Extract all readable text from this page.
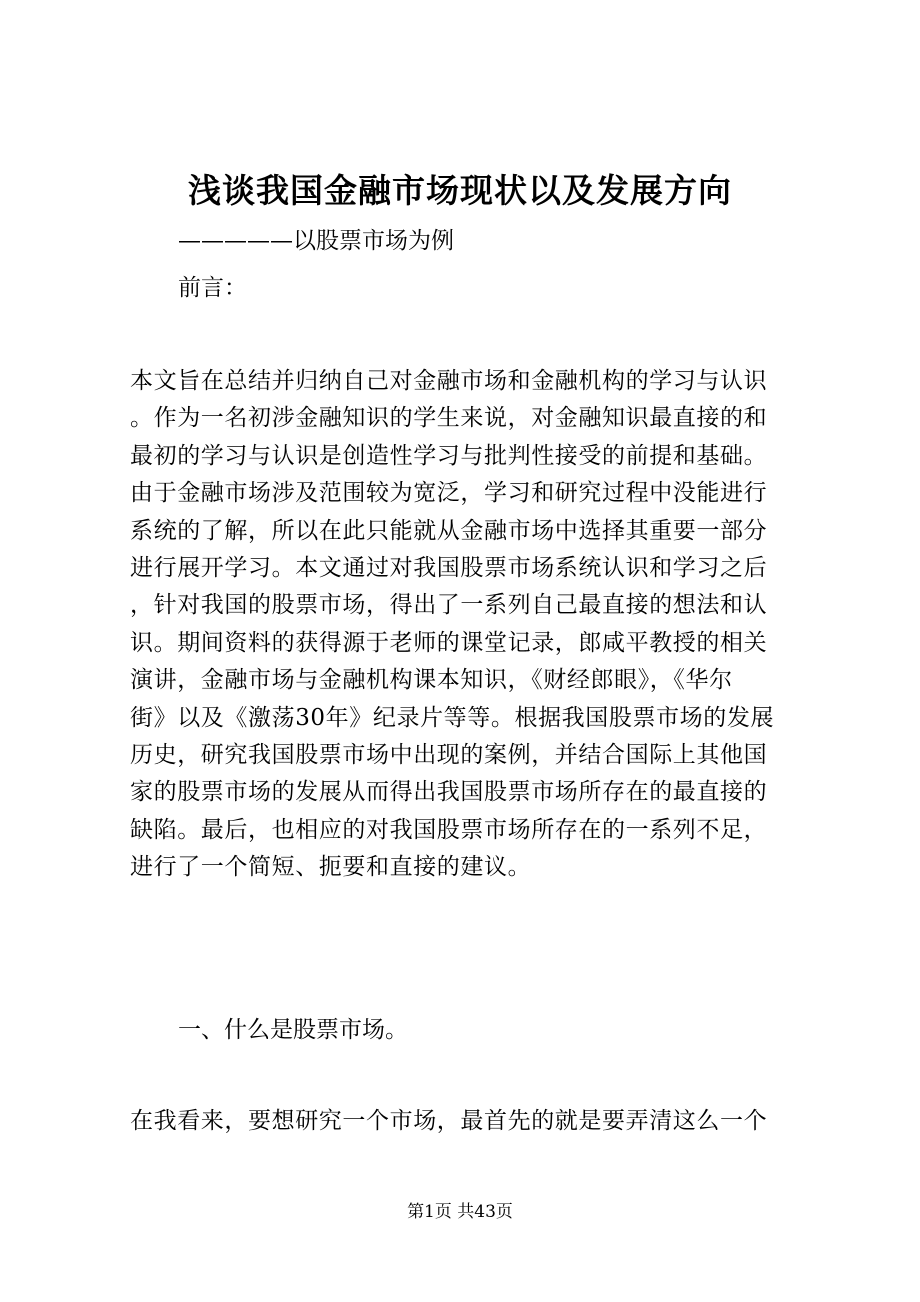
浅谈我国金融市场现状以及发展方向
—————以股票市场为例
前言：
本文旨在总结并归纳自己对金融市场和金融机构的学习与认识
。作为一名初涉金融知识的学生来说，对金融知识最直接的和
最初的学习与认识是创造性学习与批判性接受的前提和基础。
由于金融市场涉及范围较为宽泛，学习和研究过程中没能进行
系统的了解，所以在此只能就从金融市场中选择其重要一部分
进行展开学习。本文通过对我国股票市场系统认识和学习之后
，针对我国的股票市场，得出了一系列自己最直接的想法和认
识。期间资料的获得源于老师的课堂记录，郎咸平教授的相关
演讲，金融市场与金融机构课本知识，《财经郎眼》，《华尔
街》以及《激荡30年》纪录片等等。根据我国股票市场的发展
历史，研究我国股票市场中出现的案例，并结合国际上其他国
家的股票市场的发展从而得出我国股票市场所存在的最直接的
缺陷。最后，也相应的对我国股票市场所存在的一系列不足，
进行了一个简短、扼要和直接的建议。
一、什么是股票市场。
在我看来，要想研究一个市场，最首先的就是要弄清这么一个
第1页 共43页
